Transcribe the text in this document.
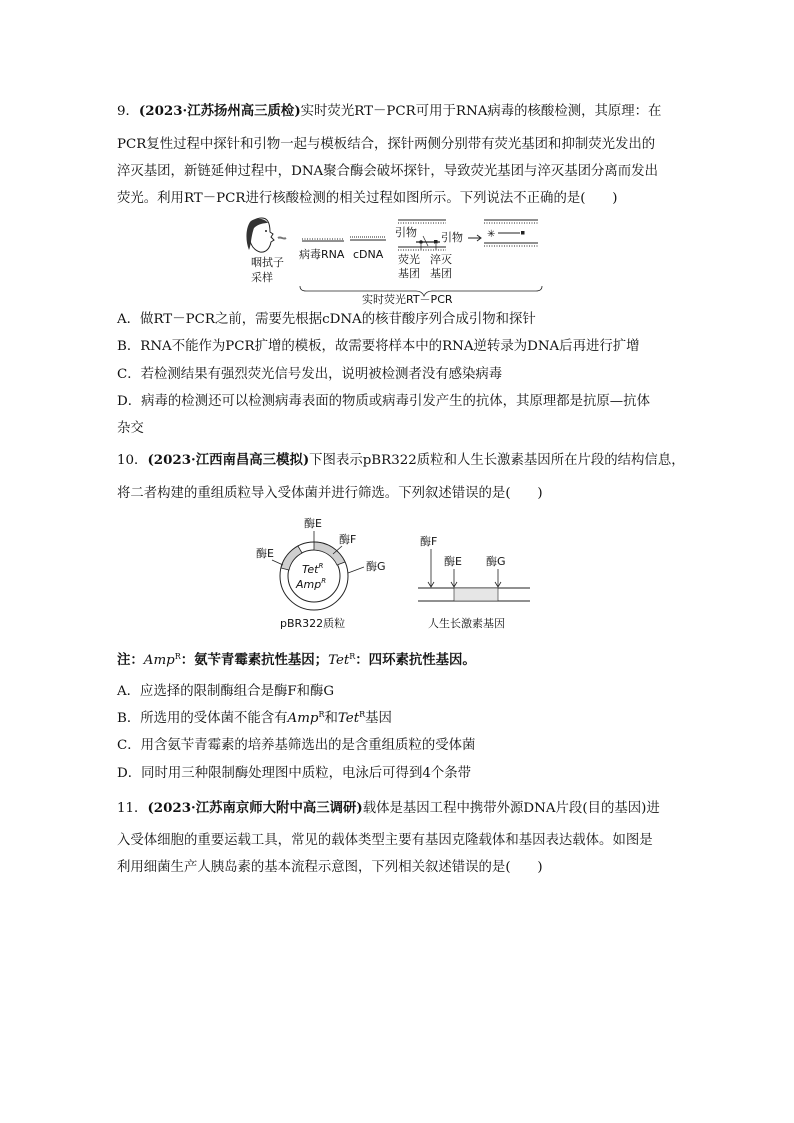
9．(2023·江苏扬州高三质检)实时荧光RT－PCR可用于RNA病毒的核酸检测，其原理：在
PCR复性过程中探针和引物一起与模板结合，探针两侧分别带有荧光基团和抑制荧光发出的
淬灭基团，新链延伸过程中，DNA聚合酶会破坏探针，导致荧光基团与淬灭基团分离而发出
荧光。利用RT－PCR进行核酸检测的相关过程如图所示。下列说法不正确的是(　　)
咽拭子
采样
病毒RNA cDNA
引物
荧光
基团
淬灭
基团
引物 ✳
实时荧光RT－PCR
A．做RT－PCR之前，需要先根据cDNA的核苷酸序列合成引物和探针
B．RNA不能作为PCR扩增的模板，故需要将样本中的RNA逆转录为DNA后再进行扩增
C．若检测结果有强烈荧光信号发出，说明被检测者没有感染病毒
D．病毒的检测还可以检测病毒表面的物质或病毒引发产生的抗体，其原理都是抗原—抗体
杂交
10．(2023·江西南昌高三模拟)下图表示pBR322质粒和人生长激素基因所在片段的结构信息，
将二者构建的重组质粒导入受体菌并进行筛选。下列叙述错误的是(　　)
Tet$^R$
Amp$^R$
酶E
酶F
酶E
酶G
pBR322质粒
酶F
酶E 酶G
人生长激素基因
注：Amp$^R$：氨苄青霉素抗性基因；Tet$^R$：四环素抗性基因。
A．应选择的限制酶组合是酶F和酶G
B．所选用的受体菌不能含有Amp$^R$和Tet$^R$基因
C．用含氨苄青霉素的培养基筛选出的是含重组质粒的受体菌
D．同时用三种限制酶处理图中质粒，电泳后可得到4个条带
11．(2023·江苏南京师大附中高三调研)载体是基因工程中携带外源DNA片段(目的基因)进
入受体细胞的重要运载工具，常见的载体类型主要有基因克隆载体和基因表达载体。如图是
利用细菌生产人胰岛素的基本流程示意图，下列相关叙述错误的是(　　)
